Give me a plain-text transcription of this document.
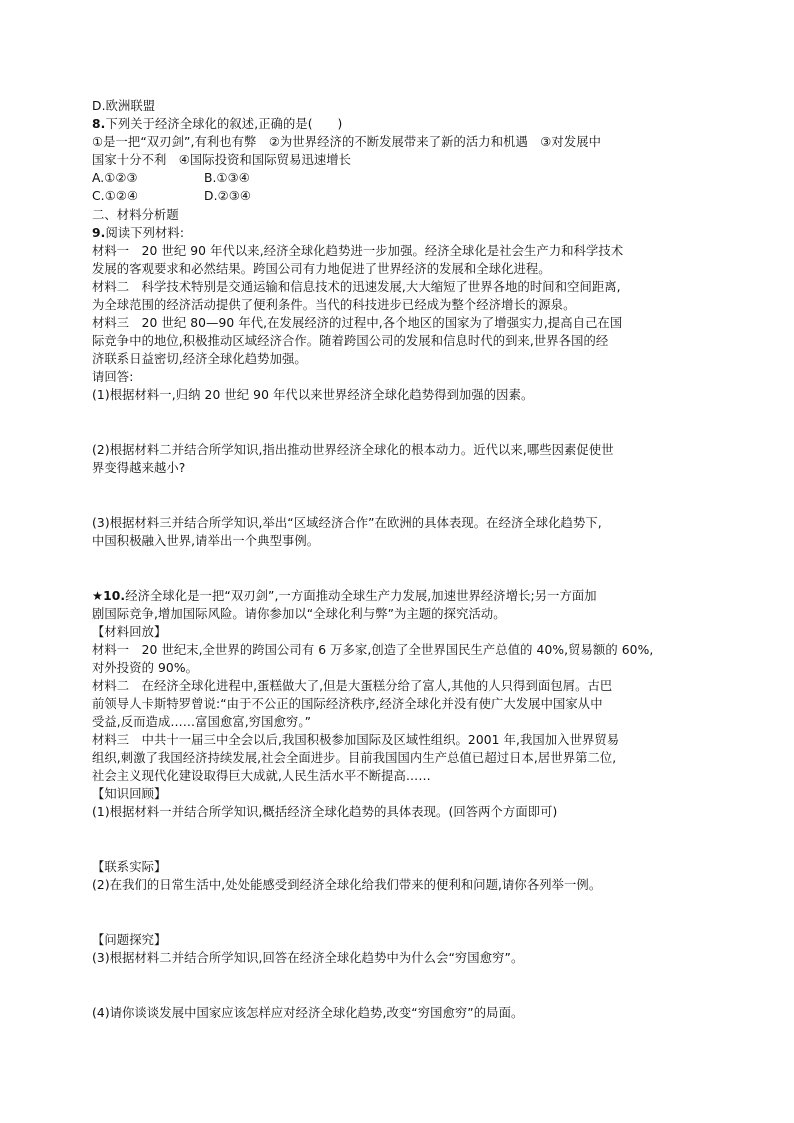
D.欧洲联盟
8.下列关于经济全球化的叙述,正确的是(　　)
①是一把“双刃剑”,有利也有弊　②为世界经济的不断发展带来了新的活力和机遇　③对发展中
国家十分不利　④国际投资和国际贸易迅速增长
A.①②③	B.①③④
C.①②④	D.②③④
二、材料分析题
9.阅读下列材料:
材料一　20 世纪 90 年代以来,经济全球化趋势进一步加强。经济全球化是社会生产力和科学技术
发展的客观要求和必然结果。跨国公司有力地促进了世界经济的发展和全球化进程。
材料二　科学技术特别是交通运输和信息技术的迅速发展,大大缩短了世界各地的时间和空间距离,
为全球范围的经济活动提供了便利条件。当代的科技进步已经成为整个经济增长的源泉。
材料三　20 世纪 80—90 年代,在发展经济的过程中,各个地区的国家为了增强实力,提高自己在国
际竞争中的地位,积极推动区域经济合作。随着跨国公司的发展和信息时代的到来,世界各国的经
济联系日益密切,经济全球化趋势加强。
请回答:
(1)根据材料一,归纳 20 世纪 90 年代以来世界经济全球化趋势得到加强的因素。
(2)根据材料二并结合所学知识,指出推动世界经济全球化的根本动力。近代以来,哪些因素促使世
界变得越来越小?
(3)根据材料三并结合所学知识,举出“区域经济合作”在欧洲的具体表现。在经济全球化趋势下,
中国积极融入世界,请举出一个典型事例。
★10.经济全球化是一把“双刃剑”,一方面推动全球生产力发展,加速世界经济增长;另一方面加
剧国际竞争,增加国际风险。请你参加以“全球化利与弊”为主题的探究活动。
【材料回放】
材料一　20 世纪末,全世界的跨国公司有 6 万多家,创造了全世界国民生产总值的 40%,贸易额的 60%,
对外投资的 90%。
材料二　在经济全球化进程中,蛋糕做大了,但是大蛋糕分给了富人,其他的人只得到面包屑。古巴
前领导人卡斯特罗曾说:“由于不公正的国际经济秩序,经济全球化并没有使广大发展中国家从中
受益,反而造成……富国愈富,穷国愈穷。”
材料三　中共十一届三中全会以后,我国积极参加国际及区域性组织。2001 年,我国加入世界贸易
组织,刺激了我国经济持续发展,社会全面进步。目前我国国内生产总值已超过日本,居世界第二位,
社会主义现代化建设取得巨大成就,人民生活水平不断提高……
【知识回顾】
(1)根据材料一并结合所学知识,概括经济全球化趋势的具体表现。(回答两个方面即可)
【联系实际】
(2)在我们的日常生活中,处处能感受到经济全球化给我们带来的便利和问题,请你各列举一例。
【问题探究】
(3)根据材料二并结合所学知识,回答在经济全球化趋势中为什么会“穷国愈穷”。
(4)请你谈谈发展中国家应该怎样应对经济全球化趋势,改变“穷国愈穷”的局面。
